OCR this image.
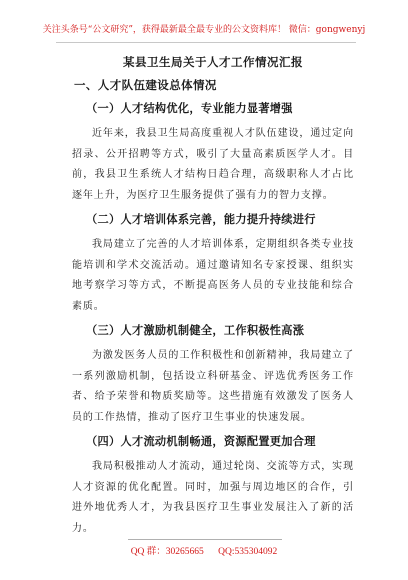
关注头条号“公文研究”，获得最新最全最专业的公文资料库！ 微信：gongwenyj
某县卫生局关于人才工作情况汇报
一、人才队伍建设总体情况
（一）人才结构优化，专业能力显著增强

近年来，我县卫生局高度重视人才队伍建设，通过定向招录、公开招聘等方式，吸引了大量高素质医学人才。目前，我县卫生系统人才结构日趋合理，高级职称人才占比逐年上升，为医疗卫生服务提供了强有力的智力支撑。

（二）人才培训体系完善，能力提升持续进行

我局建立了完善的人才培训体系，定期组织各类专业技能培训和学术交流活动。通过邀请知名专家授课、组织实地考察学习等方式，不断提高医务人员的专业技能和综合素质。

（三）人才激励机制健全，工作积极性高涨

为激发医务人员的工作积极性和创新精神，我局建立了一系列激励机制，包括设立科研基金、评选优秀医务工作者、给予荣誉和物质奖励等。这些措施有效激发了医务人员的工作热情，推动了医疗卫生事业的快速发展。

（四）人才流动机制畅通，资源配置更加合理

我局积极推动人才流动，通过轮岗、交流等方式，实现人才资源的优化配置。同时，加强与周边地区的合作，引进外地优秀人才，为我县医疗卫生事业发展注入了新的活力。

QQ 群：30265665 QQ:535304092
